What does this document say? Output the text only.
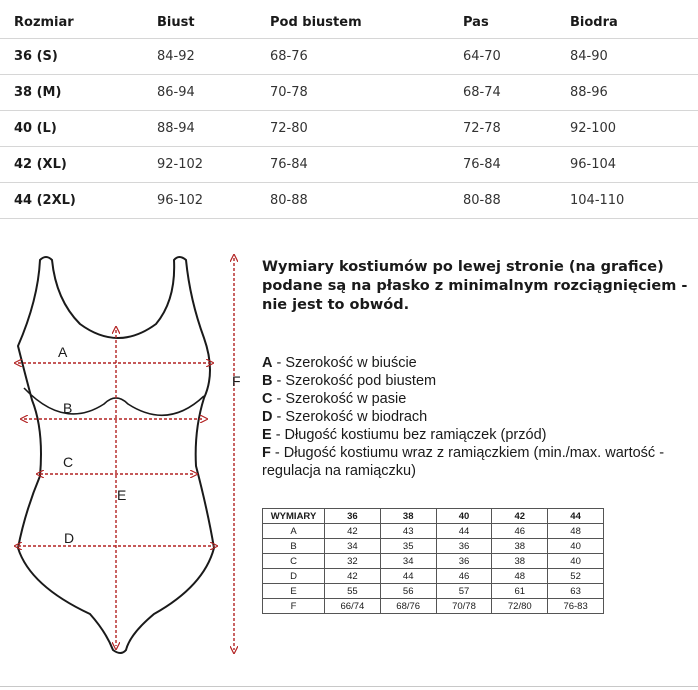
Rozmiar	Biust	Pod biustem	Pas	Biodra
36 (S)	84-92	68-76	64-70	84-90
38 (M)	86-94	70-78	68-74	88-96
40 (L)	88-94	72-80	72-78	92-100
42 (XL)	92-102	76-84	76-84	96-104
44 (2XL)	96-102	80-88	80-88	104-110
A
B
C
D
E
F

Wymiary kostiumów po lewej stronie (na grafice) podane są na płasko z minimalnym rozciągnięciem - nie jest to obwód.

A - Szerokość w biuście
B - Szerokość pod biustem
C - Szerokość w pasie
D - Szerokość w biodrach
E - Długość kostiumu bez ramiączek (przód)
F - Długość kostiumu wraz z ramiączkiem (min./max. wartość - regulacja na ramiączku)
WYMIARY	36	38	40	42	44
A	42	43	44	46	48
B	34	35	36	38	40
C	32	34	36	38	40
D	42	44	46	48	52
E	55	56	57	61	63
F	66/74	68/76	70/78	72/80	76-83
